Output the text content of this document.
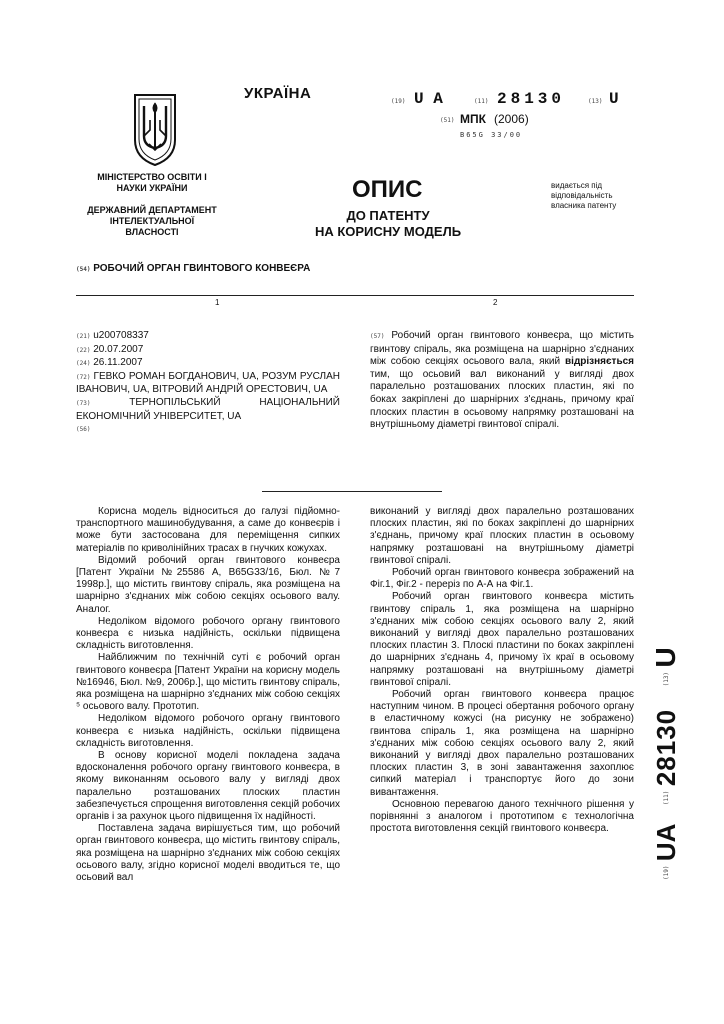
УКРАЇНА
МІНІСТЕРСТВО ОСВІТИ І НАУКИ УКРАЇНИ
ДЕРЖАВНИЙ ДЕПАРТАМЕНТ ІНТЕЛЕКТУАЛЬНОЇ ВЛАСНОСТІ
(19) U A	(11) 28130	(13) U
(51) МПК (2006)
B65G 33/00
ОПИС
ДО ПАТЕНТУ
НА КОРИСНУ МОДЕЛЬ
видається під відповідальність власника патенту
(54) РОБОЧИЙ ОРГАН ГВИНТОВОГО КОНВЕЄРА
1	2
(21) u200708337
(22) 20.07.2007
(24) 26.11.2007
(72) ГЕВКО РОМАН БОГДАНОВИЧ, UA, РОЗУМ РУСЛАН ІВАНОВИЧ, UA, ВІТРОВИЙ АНДРІЙ ОРЕСТОВИЧ, UA
(73)	ТЕРНОПІЛЬСЬКИЙ НАЦІОНАЛЬНИЙ ЕКОНОМІЧНИЙ УНІВЕРСИТЕТ, UA
(56)
(57) Робочий орган гвинтового конвеєра, що містить гвинтову спіраль, яка розміщена на шарнірно з'єднаних між собою секціях осьового вала, який відрізняється тим, що осьовий вал виконаний у вигляді двох паралельно розташованих плоских пластин, які по боках закріплені до шарнірних з'єднань, причому краї плоских пластин в осьовому напрямку розташовані на внутрішньому діаметрі гвинтової спіралі.

Корисна модель відноситься до галузі підйомно-транспортного машинобудування, а саме до конвеєрів і може бути застосована для переміщення сипких матеріалів по криволінійних трасах в гнучких кожухах.

Відомий робочий орган гвинтового конвеєра [Патент України №25586 А, B65G33/16, Бюл. №7 1998р.], що містить гвинтову спіраль, яка розміщена на шарнірно з'єднаних між собою секціях осьового валу. Аналог.

Недоліком відомого робочого органу гвинтового конвеєра є низька надійність, оскільки підвищена складність виготовлення.

Найближчим по технічній суті є робочий орган гвинтового конвеєра [Патент України на корисну модель №16946, Бюл. №9, 2006р.], що містить гвинтову спіраль, яка розміщена на шарнірно з'єднаних між собою секціях ⁵ осьового валу. Прототип.

Недоліком відомого робочого органу гвинтового конвеєра є низька надійність, оскільки підвищена складність виготовлення.

В основу корисної моделі покладена задача вдосконалення робочого органу гвинтового конвеєра, в якому виконанням осьового валу у вигляді двох паралельно розташованих плоских пластин забезпечується спрощення виготовлення секцій робочих органів і за рахунок цього підвищення їх надійності.

Поставлена задача вирішується тим, що робочий орган гвинтового конвеєра, що містить гвинтову спіраль, яка розміщена на шарнірно з'єднаних між собою секціях осьового валу, згідно корисної моделі вводиться те, що осьовий вал

виконаний у вигляді двох паралельно розташованих плоских пластин, які по боках закріплені до шарнірних з'єднань, причому краї плоских пластин в осьовому напрямку розташовані на внутрішньому діаметрі гвинтової спіралі.

Робочий орган гвинтового конвеєра зображений на Фіг.1, Фіг.2 - переріз по А-А на Фіг.1.

Робочий орган гвинтового конвеєра містить гвинтову спіраль 1, яка розміщена на шарнірно з'єднаних між собою секціях осьового валу 2, який виконаний у вигляді двох паралельно розташованих плоских пластин 3. Плоскі пластини по боках закріплені до шарнірних з'єднань 4, причому їх краї в осьовому напрямку розташовані на внутрішньому діаметрі гвинтової спіралі.

Робочий орган гвинтового конвеєра працює наступним чином. В процесі обертання робочого органу в еластичному кожусі (на рисунку не зображено) гвинтова спіраль 1, яка розміщена на шарнірно з'єднаних між собою секціях осьового валу 2, який виконаний у вигляді двох паралельно розташованих плоских пластин 3, в зоні завантаження захоплює сипкий матеріал і транспортує його до зони вивантаження.

Основною перевагою даного технічного рішення у порівнянні з аналогом і прототипом є технологічна простота виготовлення секцій гвинтового конвеєра.

(19) UA (11) 28130 (13) U
